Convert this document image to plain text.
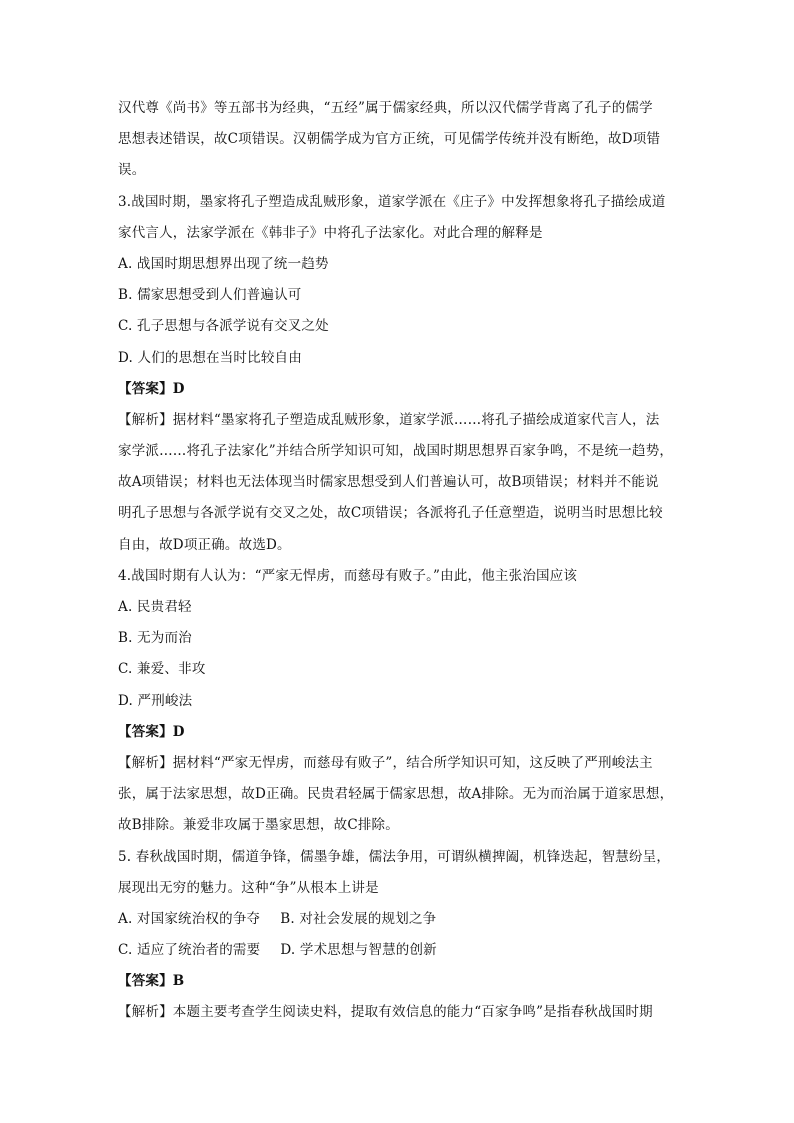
汉代尊《尚书》等五部书为经典，“五经”属于儒家经典，所以汉代儒学背离了孔子的儒学
思想表述错误，故C项错误。汉朝儒学成为官方正统，可见儒学传统并没有断绝，故D项错
误。
3.战国时期，墨家将孔子塑造成乱贼形象，道家学派在《庄子》中发挥想象将孔子描绘成道
家代言人，法家学派在《韩非子》中将孔子法家化。对此合理的解释是
A. 战国时期思想界出现了统一趋势
B. 儒家思想受到人们普遍认可
C. 孔子思想与各派学说有交叉之处
D. 人们的思想在当时比较自由
【答案】D
【解析】据材料“墨家将孔子塑造成乱贼形象，道家学派……将孔子描绘成道家代言人，法
家学派……将孔子法家化”并结合所学知识可知，战国时期思想界百家争鸣，不是统一趋势，
故A项错误；材料也无法体现当时儒家思想受到人们普遍认可，故B项错误；材料并不能说
明孔子思想与各派学说有交叉之处，故C项错误；各派将孔子任意塑造，说明当时思想比较
自由，故D项正确。故选D。
4.战国时期有人认为：“严家无悍虏，而慈母有败子。”由此，他主张治国应该
A. 民贵君轻
B. 无为而治
C. 兼爱、非攻
D. 严刑峻法
【答案】D
【解析】据材料“严家无悍虏，而慈母有败子”，结合所学知识可知，这反映了严刑峻法主
张，属于法家思想，故D正确。民贵君轻属于儒家思想，故A排除。无为而治属于道家思想，
故B排除。兼爱非攻属于墨家思想，故C排除。
5. 春秋战国时期，儒道争锋，儒墨争雄，儒法争用，可谓纵横捭阖，机锋迭起，智慧纷呈，
展现出无穷的魅力。这种“争”从根本上讲是
A. 对国家统治权的争夺 B. 对社会发展的规划之争
C. 适应了统治者的需要 D. 学术思想与智慧的创新
【答案】B
【解析】本题主要考查学生阅读史料，提取有效信息的能力“百家争鸣”是指春秋战国时期
